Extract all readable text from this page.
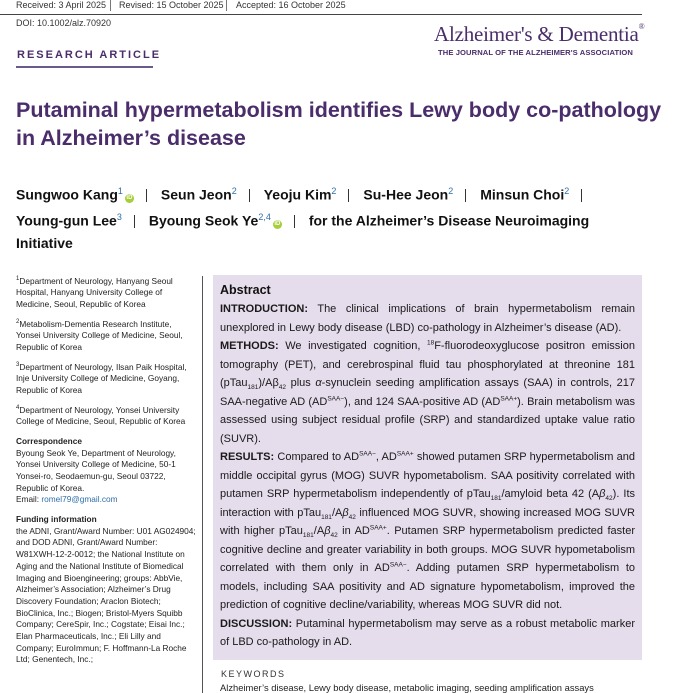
Received: 3 April 2025 Revised: 15 October 2025 Accepted: 16 October 2025
DOI: 10.1002/alz.70920	Alzheimer's & Dementia®
THE JOURNAL OF THE ALZHEIMER'S ASSOCIATION
RESEARCH ARTICLE
Putaminal hypermetabolism identifies Lewy body co-pathology in Alzheimer’s disease
Sungwoo Kang$^1$iD Seun Jeon$^2$ Yeoju Kim$^2$ Su-Hee Jeon$^2$ Minsun Choi$^2$
Young-gun Lee$^3$ Byoung Seok Ye$^{2,4}$iD for the Alzheimer’s Disease Neuroimaging Initiative
$^1$Department of Neurology, Hanyang Seoul Hospital, Hanyang University College of Medicine, Seoul, Republic of Korea
$^2$Metabolism-Dementia Research Institute, Yonsei University College of Medicine, Seoul, Republic of Korea
$^3$Department of Neurology, Ilsan Paik Hospital, Inje University College of Medicine, Goyang, Republic of Korea
$^4$Department of Neurology, Yonsei University College of Medicine, Seoul, Republic of Korea
Correspondence
Byoung Seok Ye, Department of Neurology, Yonsei University College of Medicine, 50-1 Yonsei-ro, Seodaemun-gu, Seoul 03722, Republic of Korea.
Email: romel79@gmail.com
Funding information
the ADNI, Grant/Award Number: U01 AG024904; and DOD ADNI, Grant/Award Number: W81XWH-12-2-0012; the National Institute on Aging and the National Institute of Biomedical Imaging and Bioengineering; groups: AbbVie, Alzheimer’s Association; Alzheimer’s Drug Discovery Foundation; Araclon Biotech; BioClinica, Inc.; Biogen; Bristol-Myers Squibb Company; CereSpir, Inc.; Cogstate; Eisai Inc.; Elan Pharmaceuticals, Inc.; Eli Lilly and Company; EuroImmun; F. Hoffmann-La Roche Ltd; Genentech, Inc.;
Abstract

INTRODUCTION: The clinical implications of brain hypermetabolism remain unexplored in Lewy body disease (LBD) co-pathology in Alzheimer’s disease (AD).

METHODS: We investigated cognition, $^{18}$F-fluorodeoxyglucose positron emission tomography (PET), and cerebrospinal fluid tau phosphorylated at threonine 181 $(pTau_{181})/A\beta_{42}$ plus α-synuclein seeding amplification assays (SAA) in controls, 217 SAA-negative AD $(AD^{SAA-})$, and 124 SAA-positive AD $(AD^{SAA+})$. Brain metabolism was assessed using subject residual profile (SRP) and standardized uptake value ratio (SUVR).

RESULTS: Compared to $AD^{SAA-}$, $AD^{SAA+}$ showed putamen SRP hypermetabolism and middle occipital gyrus (MOG) SUVR hypometabolism. SAA positivity correlated with putamen SRP hypermetabolism independently of pTau$_{181}$/amyloid beta 42 $(A\beta_{42})$. Its interaction with $pTau_{181}/A\beta_{42}$ influenced MOG SUVR, showing increased MOG SUVR with higher $pTau_{181}/A\beta_{42}$ in $AD^{SAA+}$. Putamen SRP hypermetabolism predicted faster cognitive decline and greater variability in both groups. MOG SUVR hypometabolism correlated with them only in $AD^{SAA-}$. Adding putamen SRP hypermetabolism to models, including SAA positivity and AD signature hypometabolism, improved the prediction of cognitive decline/variability, whereas MOG SUVR did not.

DISCUSSION: Putaminal hypermetabolism may serve as a robust metabolic marker of LBD co-pathology in AD.

KEYWORDS
Alzheimer’s disease, Lewy body disease, metabolic imaging, seeding amplification assays
